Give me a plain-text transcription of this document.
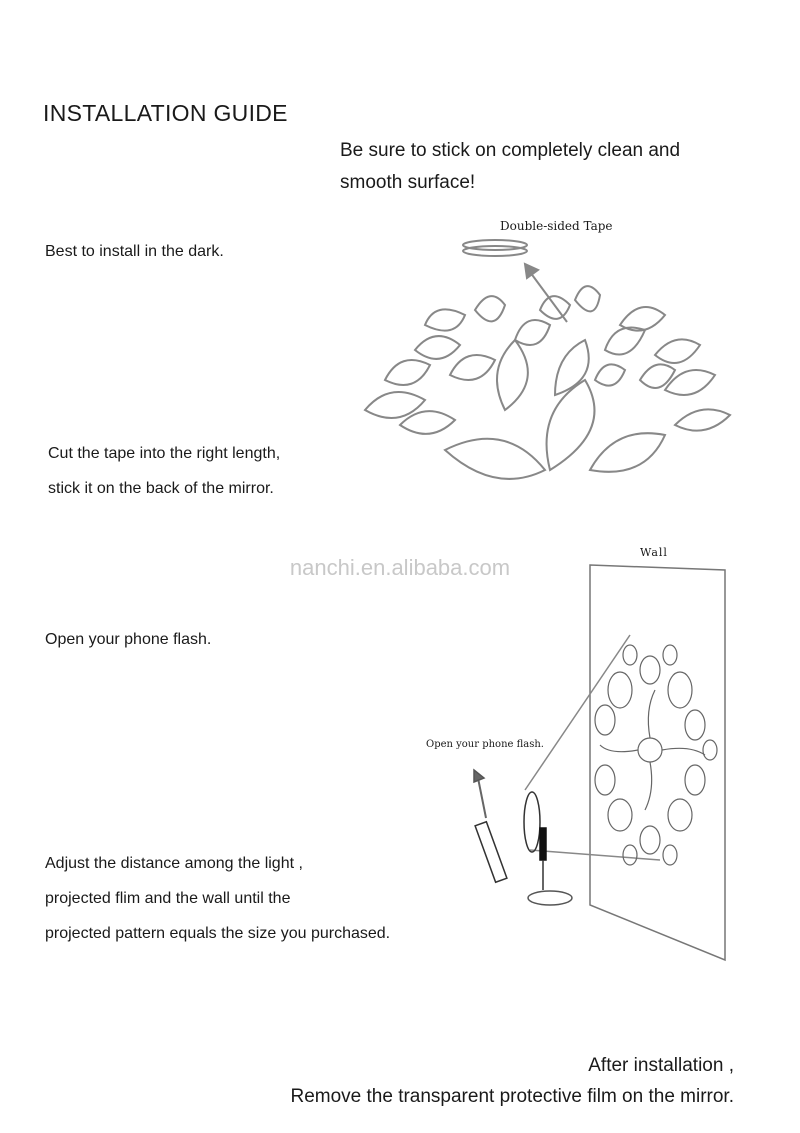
INSTALLATION GUIDE
Be sure to stick on completely clean and
smooth surface!
Best to install in the dark.
Cut the tape into the right length,
stick it on the back of the mirror.
Open your phone flash.
Adjust the distance among the light ,
projected flim and the wall until the
projected pattern equals the size you purchased.
nanchi.en.alibaba.com
Double-sided Tape
Wall
Open your phone flash.
After installation ,
Remove the transparent protective film on the mirror.
